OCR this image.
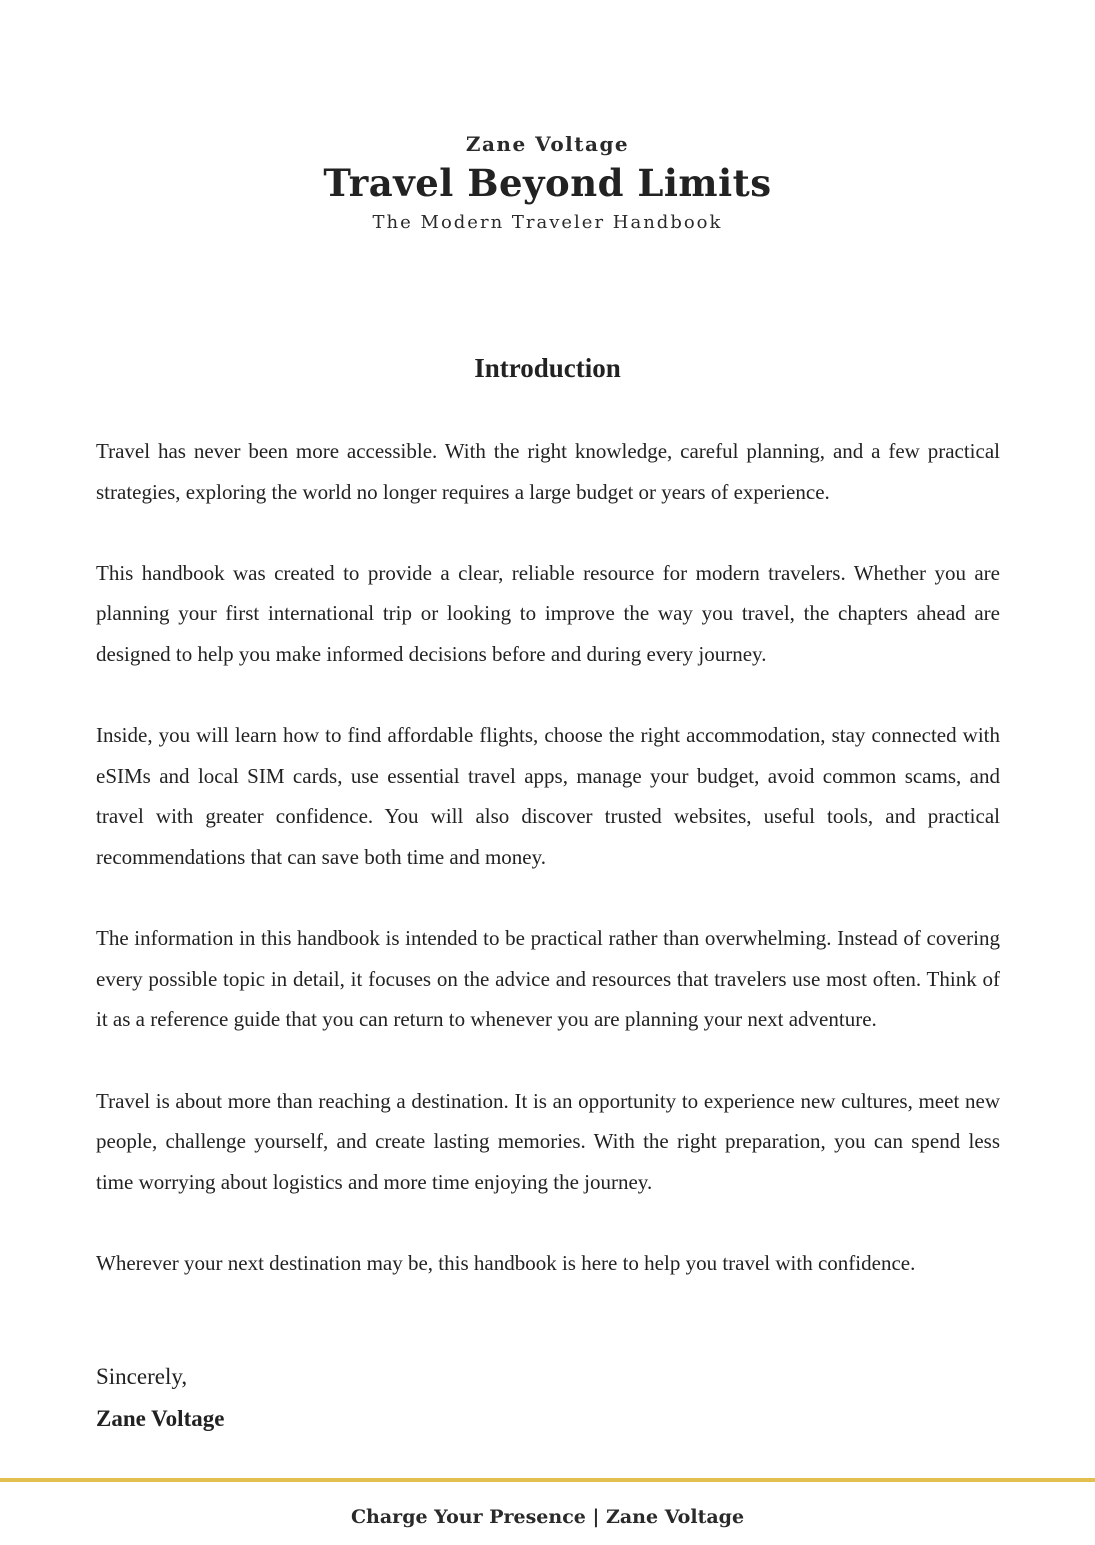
Zane Voltage
Travel Beyond Limits
The Modern Traveler Handbook
Introduction

Travel has never been more accessible. With the right knowledge, careful planning, and a few practical strategies, exploring the world no longer requires a large budget or years of experience.

This handbook was created to provide a clear, reliable resource for modern travelers. Whether you are planning your first international trip or looking to improve the way you travel, the chapters ahead are designed to help you make informed decisions before and during every journey.

Inside, you will learn how to find affordable flights, choose the right accommodation, stay connected with eSIMs and local SIM cards, use essential travel apps, manage your budget, avoid common scams, and travel with greater confidence. You will also discover trusted websites, useful tools, and practical recommendations that can save both time and money.

The information in this handbook is intended to be practical rather than overwhelming. Instead of covering every possible topic in detail, it focuses on the advice and resources that travelers use most often. Think of it as a reference guide that you can return to whenever you are planning your next adventure.

Travel is about more than reaching a destination. It is an opportunity to experience new cultures, meet new people, challenge yourself, and create lasting memories. With the right preparation, you can spend less time worrying about logistics and more time enjoying the journey.

Wherever your next destination may be, this handbook is here to help you travel with confidence.

Sincerely,
Zane Voltage
Charge Your Presence | Zane Voltage
